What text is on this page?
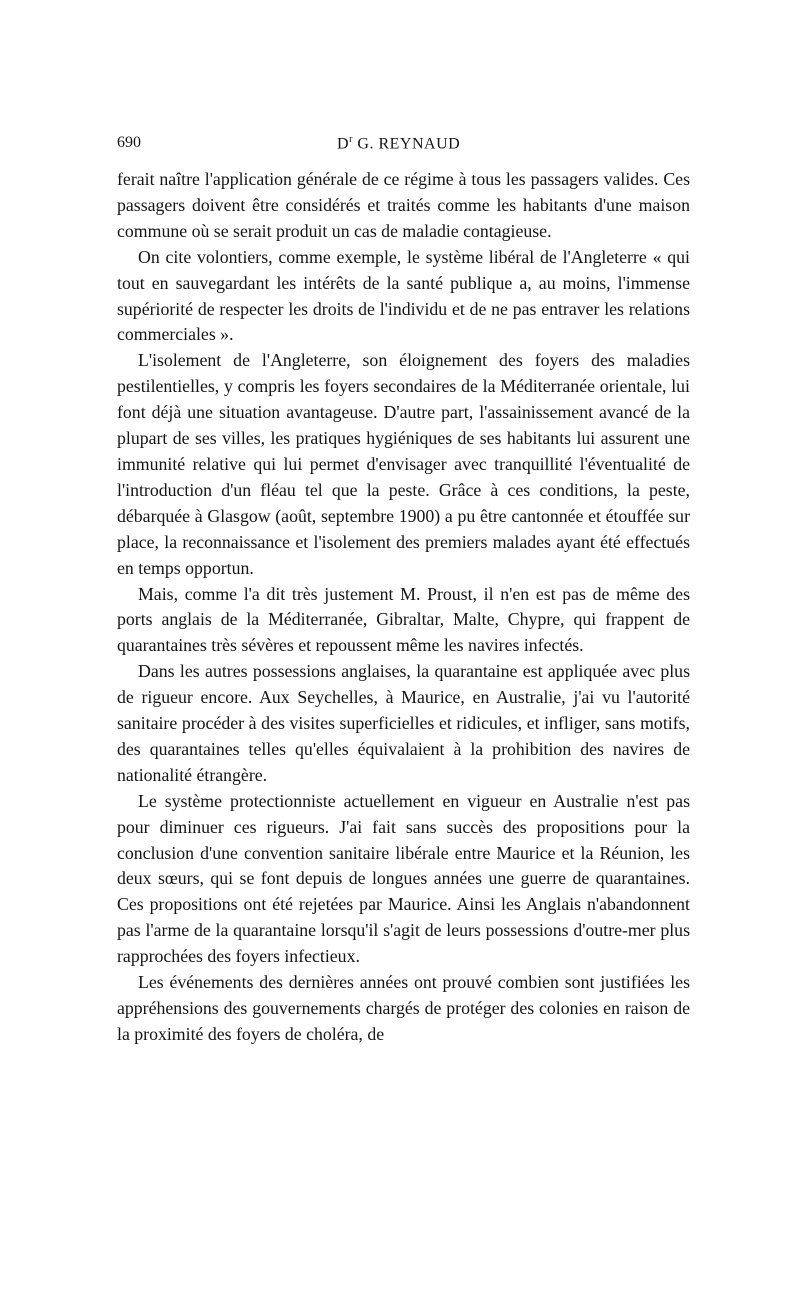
690	$D^r$ G. REYNAUD

ferait naître l'application générale de ce régime à tous les passagers valides. Ces passagers doivent être considérés et traités comme les habitants d'une maison commune où se serait produit un cas de maladie contagieuse.

On cite volontiers, comme exemple, le système libéral de l'Angleterre « qui tout en sauvegardant les intérêts de la santé publique a, au moins, l'immense supériorité de respecter les droits de l'individu et de ne pas entraver les relations commerciales ».

L'isolement de l'Angleterre, son éloignement des foyers des maladies pestilentielles, y compris les foyers secondaires de la Méditerranée orientale, lui font déjà une situation avantageuse. D'autre part, l'assainissement avancé de la plupart de ses villes, les pratiques hygiéniques de ses habitants lui assurent une immunité relative qui lui permet d'envisager avec tranquillité l'éventualité de l'introduction d'un fléau tel que la peste. Grâce à ces conditions, la peste, débarquée à Glasgow (août, septembre 1900) a pu être cantonnée et étouffée sur place, la reconnaissance et l'isolement des premiers malades ayant été effectués en temps opportun.

Mais, comme l'a dit très justement M. Proust, il n'en est pas de même des ports anglais de la Méditerranée, Gibraltar, Malte, Chypre, qui frappent de quarantaines très sévères et repoussent même les navires infectés.

Dans les autres possessions anglaises, la quarantaine est appliquée avec plus de rigueur encore. Aux Seychelles, à Maurice, en Australie, j'ai vu l'autorité sanitaire procéder à des visites superficielles et ridicules, et infliger, sans motifs, des quarantaines telles qu'elles équivalaient à la prohibition des navires de nationalité étrangère.

Le système protectionniste actuellement en vigueur en Australie n'est pas pour diminuer ces rigueurs. J'ai fait sans succès des propositions pour la conclusion d'une convention sanitaire libérale entre Maurice et la Réunion, les deux sœurs, qui se font depuis de longues années une guerre de quarantaines. Ces propositions ont été rejetées par Maurice. Ainsi les Anglais n'abandonnent pas l'arme de la quarantaine lorsqu'il s'agit de leurs possessions d'outre-mer plus rapprochées des foyers infectieux.

Les événements des dernières années ont prouvé combien sont justifiées les appréhensions des gouvernements chargés de protéger des colonies en raison de la proximité des foyers de choléra, de
